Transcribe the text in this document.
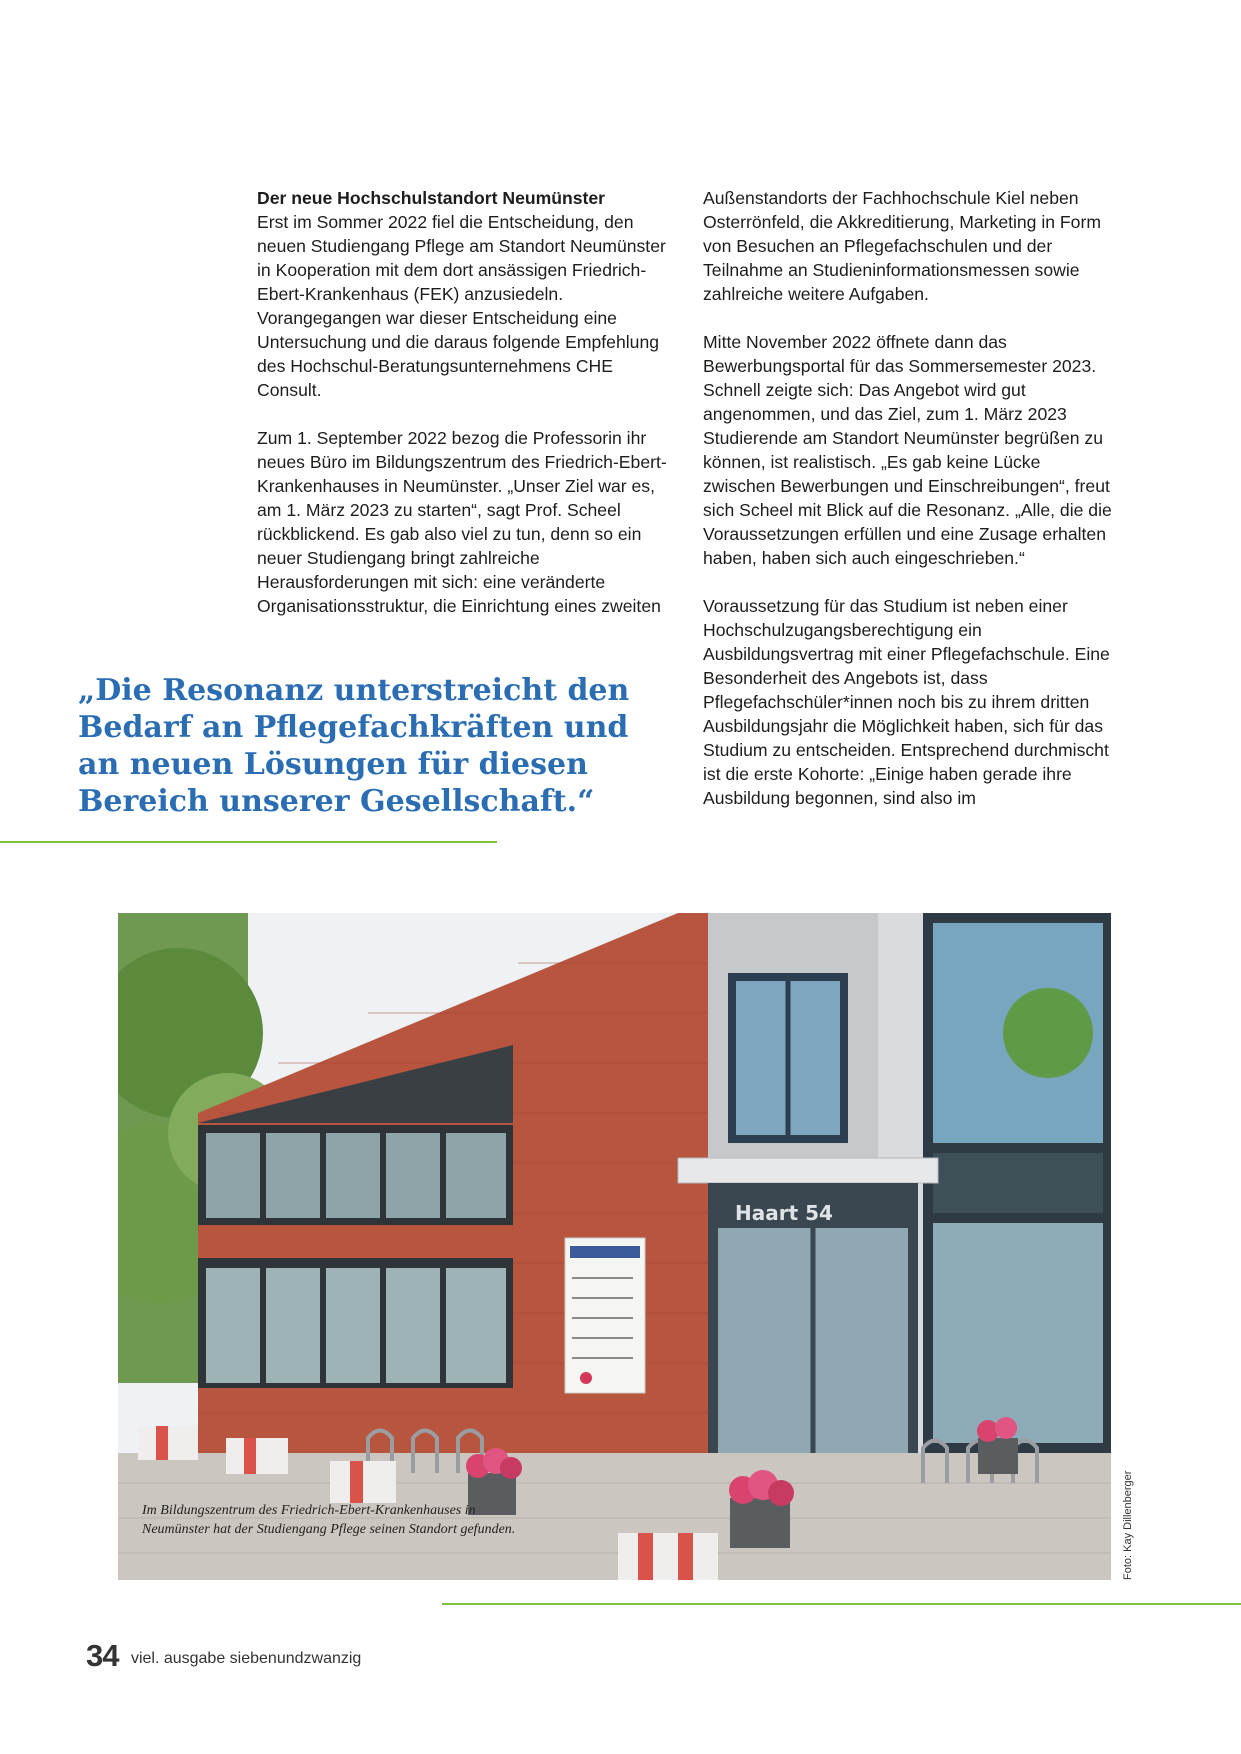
Der neue Hochschulstandort Neumünster

Erst im Sommer 2022 fiel die Entscheidung, den neuen Studiengang Pflege am Standort Neumünster in Kooperation mit dem dort ansässigen Friedrich-Ebert-Krankenhaus (FEK) anzusiedeln. Vorangegangen war dieser Entscheidung eine Untersuchung und die daraus folgende Empfehlung des Hochschul-Beratungsunternehmens CHE Consult.

Zum 1. September 2022 bezog die Professorin ihr neues Büro im Bildungszentrum des Friedrich-Ebert-Krankenhauses in Neumünster. „Unser Ziel war es, am 1. März 2023 zu starten“, sagt Prof. Scheel rückblickend. Es gab also viel zu tun, denn so ein neuer Studiengang bringt zahlreiche Herausforderungen mit sich: eine veränderte Organisationsstruktur, die Einrichtung eines zweiten

Außenstandorts der Fachhochschule Kiel neben Osterrönfeld, die Akkreditierung, Marketing in Form von Besuchen an Pflegefachschulen und der Teilnahme an Studieninformationsmessen sowie zahlreiche weitere Aufgaben.

Mitte November 2022 öffnete dann das Bewerbungsportal für das Sommersemester 2023. Schnell zeigte sich: Das Angebot wird gut angenommen, und das Ziel, zum 1. März 2023 Studierende am Standort Neumünster begrüßen zu können, ist realistisch. „Es gab keine Lücke zwischen Bewerbungen und Einschreibungen“, freut sich Scheel mit Blick auf die Resonanz. „Alle, die die Voraussetzungen erfüllen und eine Zusage erhalten haben, haben sich auch eingeschrieben.“

Voraussetzung für das Studium ist neben einer Hochschulzugangsberechtigung ein Ausbildungsvertrag mit einer Pflegefachschule. Eine Besonderheit des Angebots ist, dass Pflegefachschüler*innen noch bis zu ihrem dritten Ausbildungsjahr die Möglichkeit haben, sich für das Studium zu entscheiden. Entsprechend durchmischt ist die erste Kohorte: „Einige haben gerade ihre Ausbildung begonnen, sind also im

„Die Resonanz unterstreicht den Bedarf an Pflegefachkräften und an neuen Lösungen für diesen Bereich unserer Gesellschaft.“
Haart 54
Im Bildungszentrum des Friedrich-Ebert-Krankenhauses in Neumünster hat der Studiengang Pflege seinen Standort gefunden.	Foto: Kay Dillenberger
34 viel. ausgabe siebenundzwanzig
